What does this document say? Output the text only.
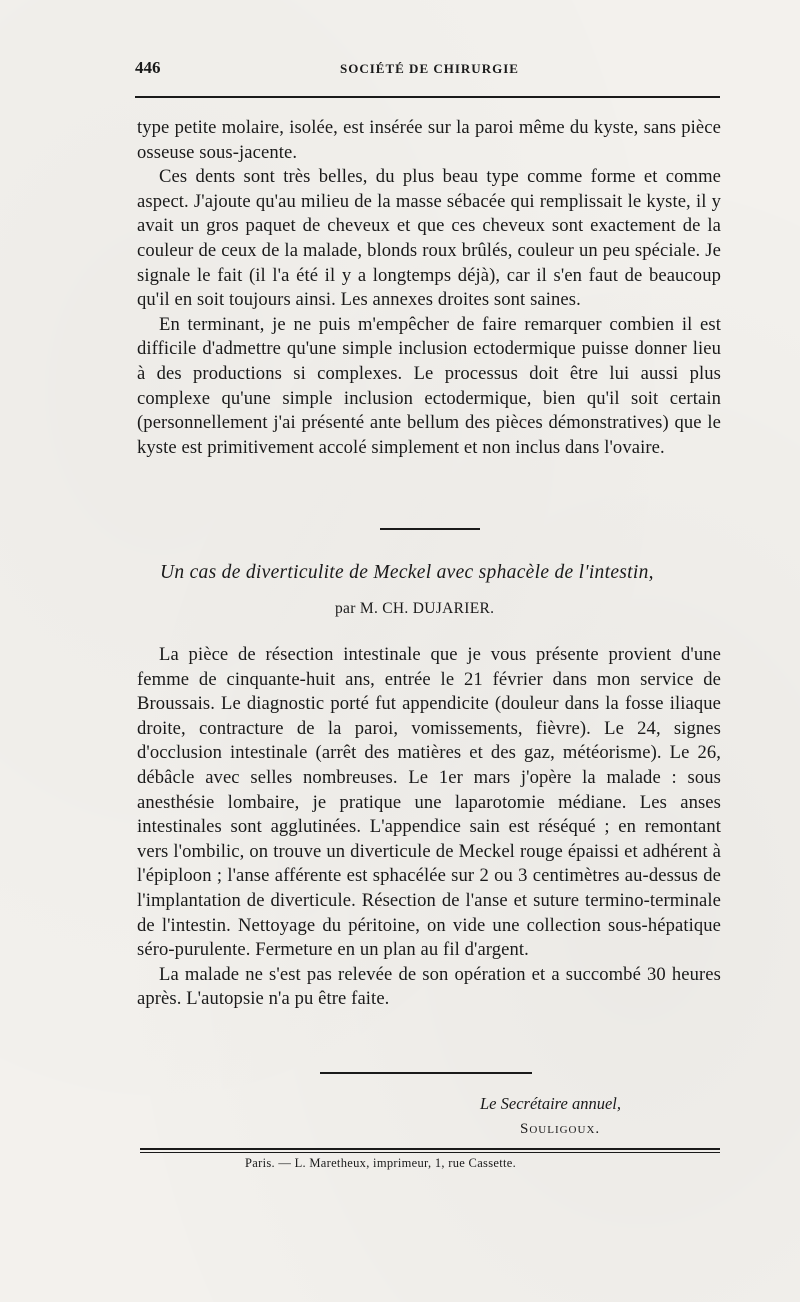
446	SOCIÉTÉ DE CHIRURGIE

type petite molaire, isolée, est insérée sur la paroi même du kyste, sans pièce osseuse sous-jacente.

Ces dents sont très belles, du plus beau type comme forme et comme aspect. J'ajoute qu'au milieu de la masse sébacée qui remplissait le kyste, il y avait un gros paquet de cheveux et que ces cheveux sont exactement de la couleur de ceux de la malade, blonds roux brûlés, couleur un peu spéciale. Je signale le fait (il l'a été il y a longtemps déjà), car il s'en faut de beaucoup qu'il en soit toujours ainsi. Les annexes droites sont saines.

En terminant, je ne puis m'empêcher de faire remarquer combien il est difficile d'admettre qu'une simple inclusion ectodermique puisse donner lieu à des productions si complexes. Le processus doit être lui aussi plus complexe qu'une simple inclusion ectodermique, bien qu'il soit certain (personnellement j'ai présenté ante bellum des pièces démonstratives) que le kyste est primitivement accolé simplement et non inclus dans l'ovaire.

Un cas de diverticulite de Meckel avec sphacèle de l'intestin,
par M. CH. DUJARIER.

La pièce de résection intestinale que je vous présente provient d'une femme de cinquante-huit ans, entrée le 21 février dans mon service de Broussais. Le diagnostic porté fut appendicite (douleur dans la fosse iliaque droite, contracture de la paroi, vomissements, fièvre). Le 24, signes d'occlusion intestinale (arrêt des matières et des gaz, météorisme). Le 26, débâcle avec selles nombreuses. Le 1er mars j'opère la malade : sous anesthésie lombaire, je pratique une laparotomie médiane. Les anses intestinales sont agglutinées. L'appendice sain est réséqué ; en remontant vers l'ombilic, on trouve un diverticule de Meckel rouge épaissi et adhérent à l'épiploon ; l'anse afférente est sphacélée sur 2 ou 3 centimètres au-dessus de l'implantation de diverticule. Résection de l'anse et suture termino-terminale de l'intestin. Nettoyage du péritoine, on vide une collection sous-hépatique séro-purulente. Fermeture en un plan au fil d'argent.

La malade ne s'est pas relevée de son opération et a succombé 30 heures après. L'autopsie n'a pu être faite.

Le Secrétaire annuel,
Souligoux.
Paris. — L. Maretheux, imprimeur, 1, rue Cassette.
